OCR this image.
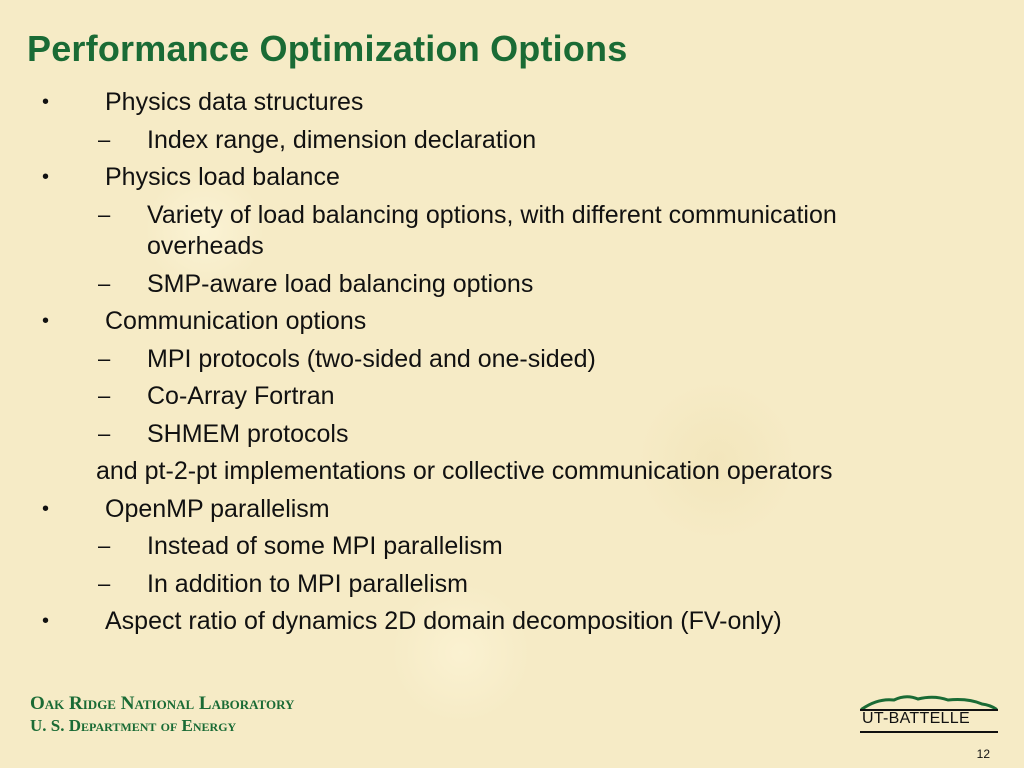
Performance Optimization Options
• Physics data structures
– Index range, dimension declaration
• Physics load balance
– Variety of load balancing options, with different communication overheads
– SMP-aware load balancing options
• Communication options
– MPI protocols (two-sided and one-sided)
– Co-Array Fortran
– SHMEM protocols
and pt-2-pt implementations or collective communication operators
• OpenMP parallelism
– Instead of some MPI parallelism
– In addition to MPI parallelism
• Aspect ratio of dynamics 2D domain decomposition (FV-only)
Oak Ridge National Laboratory
U. S. Department of Energy	UT-BATTELLE
12
